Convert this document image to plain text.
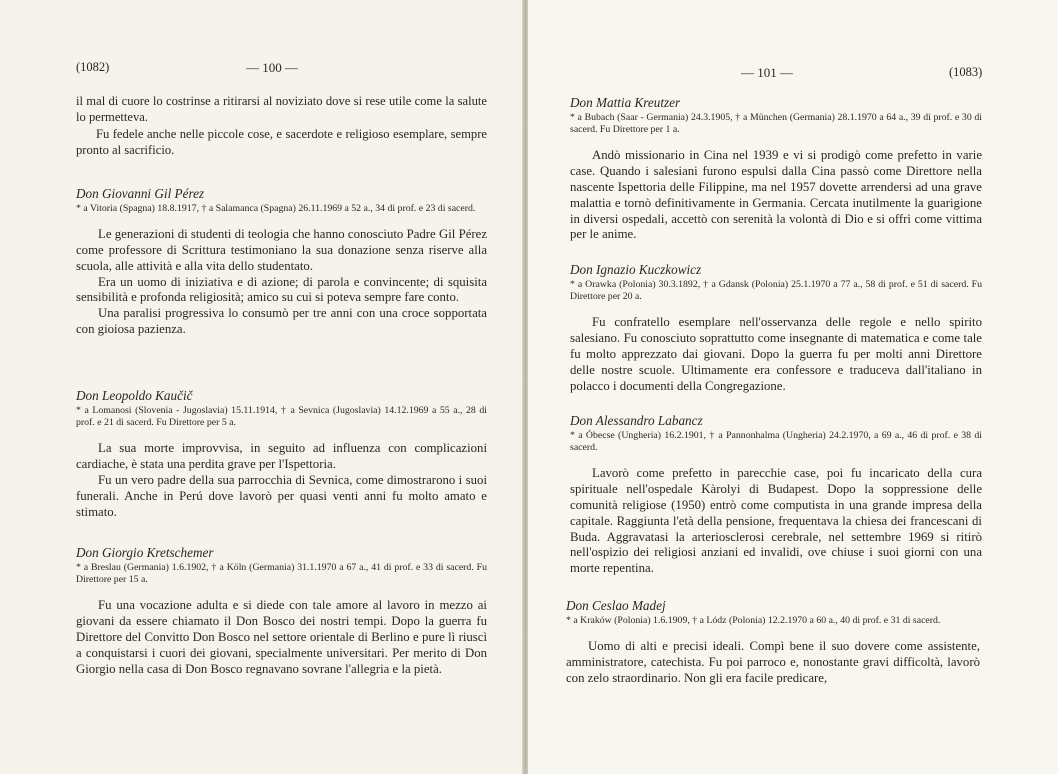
(1082)	— 100 —

il mal di cuore lo costrinse a ritirarsi al noviziato dove si rese utile come la salute lo permetteva.

Fu fedele anche nelle piccole cose, e sacerdote e religioso esemplare, sempre pronto al sacrificio.

Don Giovanni Gil Pérez
* a Vitoria (Spagna) 18.8.1917, † a Salamanca (Spagna) 26.11.1969 a 52 a., 34 di prof. e 23 di sacerd.

Le generazioni di studenti di teologia che hanno conosciuto Padre Gil Pérez come professore di Scrittura testimoniano la sua donazione senza riserve alla scuola, alle attività e alla vita dello studentato.

Era un uomo di iniziativa e di azione; di parola e convincente; di squisita sensibilità e profonda religiosità; amico su cui si poteva sempre fare conto.

Una paralisi progressiva lo consumò per tre anni con una croce sopportata con gioiosa pazienza.

Don Leopoldo Kaučič
* a Lomanosi (Slovenia - Jugoslavia) 15.11.1914, † a Sevnica (Jugoslavia) 14.12.1969 a 55 a., 28 di prof. e 21 di sacerd. Fu Direttore per 5 a.

La sua morte improvvisa, in seguito ad influenza con complicazioni cardiache, è stata una perdita grave per l'Ispettoria.

Fu un vero padre della sua parrocchia di Sevnica, come dimostrarono i suoi funerali. Anche in Perú dove lavorò per quasi venti anni fu molto amato e stimato.

Don Giorgio Kretschemer
* a Breslau (Germania) 1.6.1902, † a Köln (Germania) 31.1.1970 a 67 a., 41 di prof. e 33 di sacerd. Fu Direttore per 15 a.

Fu una vocazione adulta e si diede con tale amore al lavoro in mezzo ai giovani da essere chiamato il Don Bosco dei nostri tempi. Dopo la guerra fu Direttore del Convitto Don Bosco nel settore orientale di Berlino e pure lì riuscì a conquistarsi i cuori dei giovani, specialmente universitari. Per merito di Don Giorgio nella casa di Don Bosco regnavano sovrane l'allegria e la pietà.

— 101 —	(1083)
Don Mattia Kreutzer
* a Bubach (Saar - Germania) 24.3.1905, † a München (Germania) 28.1.1970 a 64 a., 39 di prof. e 30 di sacerd. Fu Direttore per 1 a.

Andò missionario in Cina nel 1939 e vi si prodigò come prefetto in varie case. Quando i salesiani furono espulsi dalla Cina passò come Direttore nella nascente Ispettoria delle Filippine, ma nel 1957 dovette arrendersi ad una grave malattia e tornò definitivamente in Germania. Cercata inutilmente la guarigione in diversi ospedali, accettò con serenità la volontà di Dio e si offrì come vittima per le anime.

Don Ignazio Kuczkowicz
* a Orawka (Polonia) 30.3.1892, † a Gdansk (Polonia) 25.1.1970 a 77 a., 58 di prof. e 51 di sacerd. Fu Direttore per 20 a.

Fu confratello esemplare nell'osservanza delle regole e nello spirito salesiano. Fu conosciuto soprattutto come insegnante di matematica e come tale fu molto apprezzato dai giovani. Dopo la guerra fu per molti anni Direttore delle nostre scuole. Ultimamente era confessore e traduceva dall'italiano in polacco i documenti della Congregazione.

Don Alessandro Labancz
* a Óbecse (Ungheria) 16.2.1901, † a Pannonhalma (Ungheria) 24.2.1970, a 69 a., 46 di prof. e 38 di sacerd.

Lavorò come prefetto in parecchie case, poi fu incaricato della cura spirituale nell'ospedale Kàrolyi di Budapest. Dopo la soppressione delle comunità religiose (1950) entrò come computista in una grande impresa della capitale. Raggiunta l'età della pensione, frequentava la chiesa dei francescani di Buda. Aggravatasi la arteriosclerosi cerebrale, nel settembre 1969 si ritirò nell'ospizio dei religiosi anziani ed invalidi, ove chiuse i suoi giorni con una morte repentina.

Don Ceslao Madej
* a Kraków (Polonia) 1.6.1909, † a Lódz (Polonia) 12.2.1970 a 60 a., 40 di prof. e 31 di sacerd.

Uomo di alti e precisi ideali. Compì bene il suo dovere come assistente, amministratore, catechista. Fu poi parroco e, nonostante gravi difficoltà, lavorò con zelo straordinario. Non gli era facile predicare,
